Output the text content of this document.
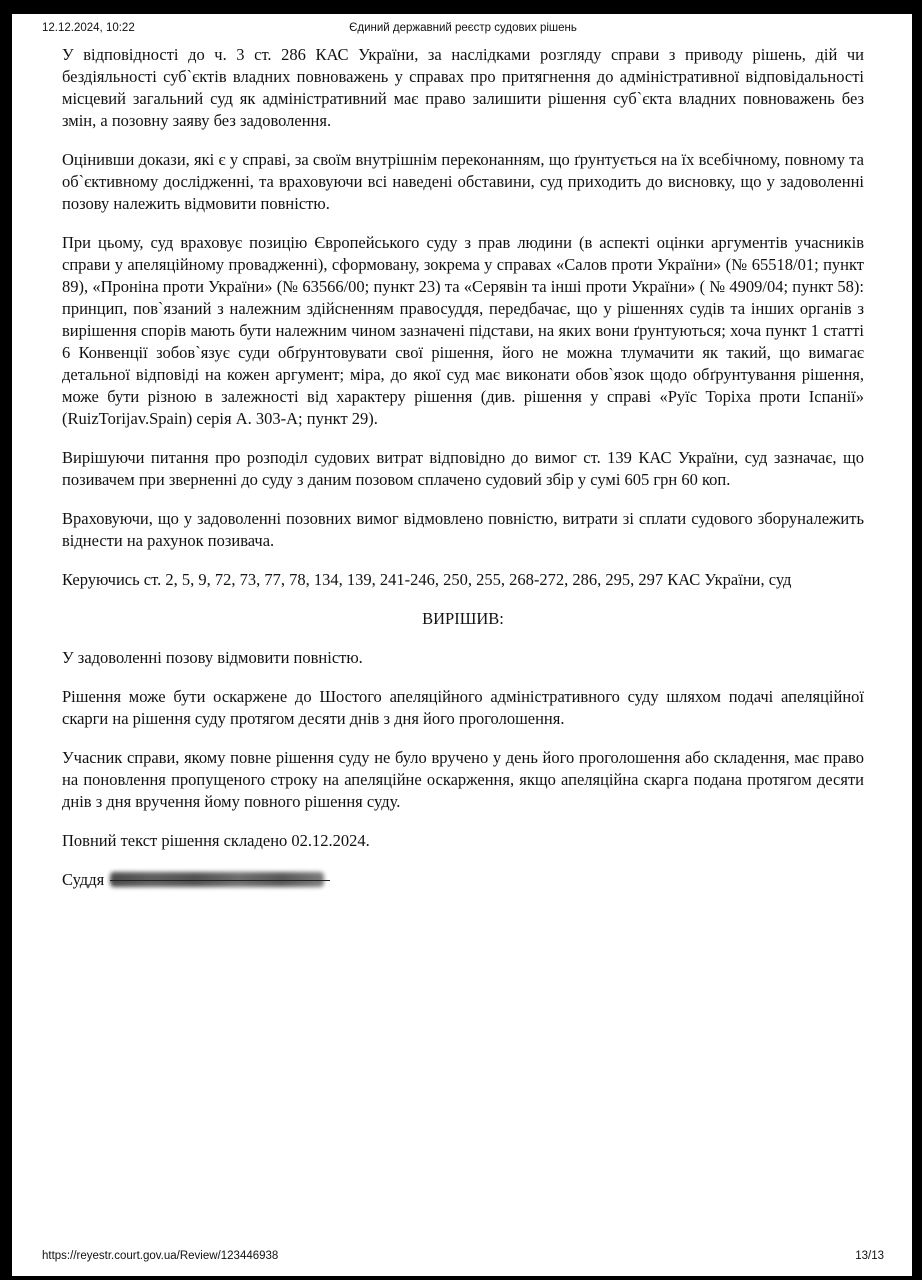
12.12.2024, 10:22	Єдиний державний реєстр судових рішень

У відповідності до ч. 3 ст. 286 КАС України, за наслідками розгляду справи з приводу рішень, дій чи бездіяльності суб`єктів владних повноважень у справах про притягнення до адміністративної відповідальності місцевий загальний суд як адміністративний має право залишити рішення суб`єкта владних повноважень без змін, а позовну заяву без задоволення.

Оцінивши докази, які є у справі, за своїм внутрішнім переконанням, що ґрунтується на їх всебічному, повному та об`єктивному дослідженні, та враховуючи всі наведені обставини, суд приходить до висновку, що у задоволенні позову належить відмовити повністю.

При цьому, суд враховує позицію Європейського суду з прав людини (в аспекті оцінки аргументів учасників справи у апеляційному провадженні), сформовану, зокрема у справах «Салов проти України» (№ 65518/01; пункт 89), «Проніна проти України» (№ 63566/00; пункт 23) та «Серявін та інші проти України» ( № 4909/04; пункт 58): принцип, пов`язаний з належним здійсненням правосуддя, передбачає, що у рішеннях судів та інших органів з вирішення спорів мають бути належним чином зазначені підстави, на яких вони ґрунтуються; хоча пункт 1 статті 6 Конвенції зобов`язує суди обґрунтовувати свої рішення, його не можна тлумачити як такий, що вимагає детальної відповіді на кожен аргумент; міра, до якої суд має виконати обов`язок щодо обґрунтування рішення, може бути різною в залежності від характеру рішення (див. рішення у справі «Руїс Торіха проти Іспанії» (RuizTorijav.Spain) серія A. 303-A; пункт 29).

Вирішуючи питання про розподіл судових витрат відповідно до вимог ст. 139 КАС України, суд зазначає, що позивачем при зверненні до суду з даним позовом сплачено судовий збір у сумі 605 грн 60 коп.

Враховуючи, що у задоволенні позовних вимог відмовлено повністю, витрати зі сплати судового зборуналежить віднести на рахунок позивача.

Керуючись ст. 2, 5, 9, 72, 73, 77, 78, 134, 139, 241-246, 250, 255, 268-272, 286, 295, 297 КАС України, суд

ВИРІШИВ:

У задоволенні позову відмовити повністю.

Рішення може бути оскаржене до Шостого апеляційного адміністративного суду шляхом подачі апеляційної скарги на рішення суду протягом десяти днів з дня його проголошення.

Учасник справи, якому повне рішення суду не було вручено у день його проголошення або складення, має право на поновлення пропущеного строку на апеляційне оскарження, якщо апеляційна скарга подана протягом десяти днів з дня вручення йому повного рішення суду.

Повний текст рішення складено 02.12.2024.

Суддя
https://reyestr.court.gov.ua/Review/123446938	13/13
